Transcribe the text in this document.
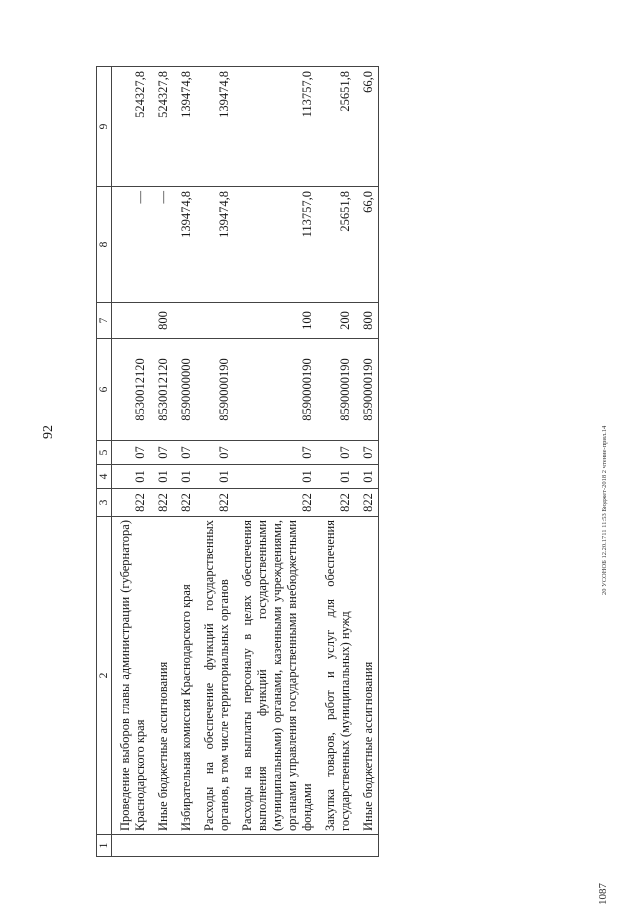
92	20 УСОНОБ 12.20.1711 11:53 Бюджет-2018 2 чтение-прил.14
1087
1	2	3	4	5	6	7	8	9
	Проведение выборов главы администрации (губернатора) Краснодарского края	822	01	07	8530012120		—	524327,8
	Иные бюджетные ассигнования	822	01	07	8530012120	800	—	524327,8
	Избирательная комиссия Краснодарского края	822	01	07	8590000000		139474,8	139474,8
	Расходы на обеспечение функций государственных органов, в том числе территориальных органов	822	01	07	8590000190		139474,8	139474,8
	Расходы на выплаты персоналу в целях обеспечения выполнения функций государственными (муниципальными) органами, казенными учреждениями, органами управления государственными внебюджетными фондами	822	01	07	8590000190	100	113757,0	113757,0
	Закупка товаров, работ и услуг для обеспечения государственных (муниципальных) нужд	822	01	07	8590000190	200	25651,8	25651,8
	Иные бюджетные ассигнования	822	01	07	8590000190	800	66,0	66,0
